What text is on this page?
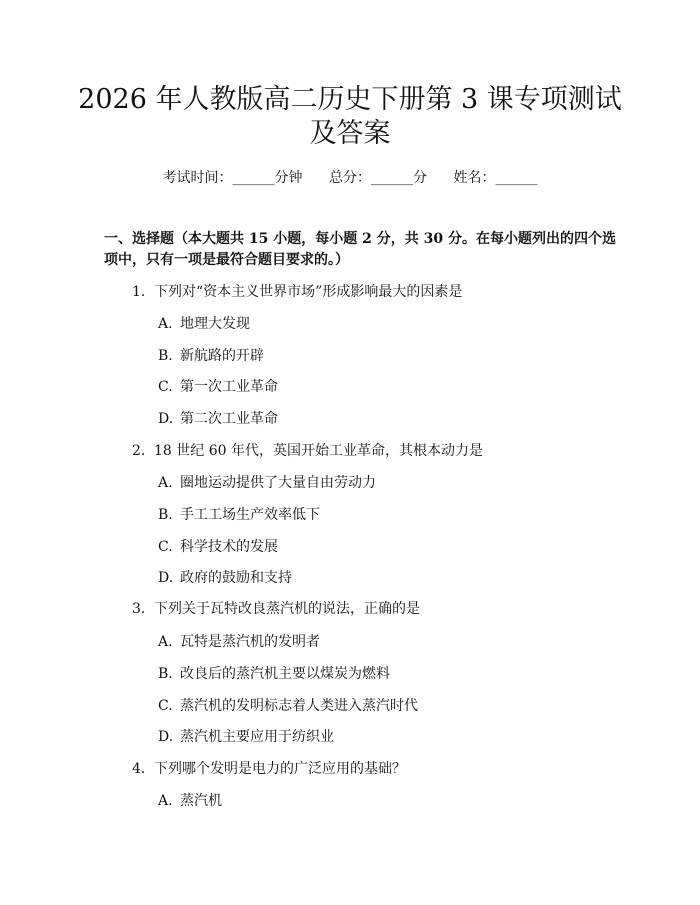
2026 年人教版高二历史下册第 3 课专项测试
及答案
考试时间：______分钟 总分：______分 姓名：______

一、选择题（本大题共 15 小题，每小题 2 分，共 30 分。在每小题列出的四个选

项中，只有一项是最符合题目要求的。）

1. 下列对“资本主义世界市场”形成影响最大的因素是
A. 地理大发现
B. 新航路的开辟
C. 第一次工业革命
D. 第二次工业革命
2. 18 世纪 60 年代，英国开始工业革命，其根本动力是
A. 圈地运动提供了大量自由劳动力
B. 手工工场生产效率低下
C. 科学技术的发展
D. 政府的鼓励和支持
3. 下列关于瓦特改良蒸汽机的说法，正确的是
A. 瓦特是蒸汽机的发明者
B. 改良后的蒸汽机主要以煤炭为燃料
C. 蒸汽机的发明标志着人类进入蒸汽时代
D. 蒸汽机主要应用于纺织业
4. 下列哪个发明是电力的广泛应用的基础？
A. 蒸汽机
